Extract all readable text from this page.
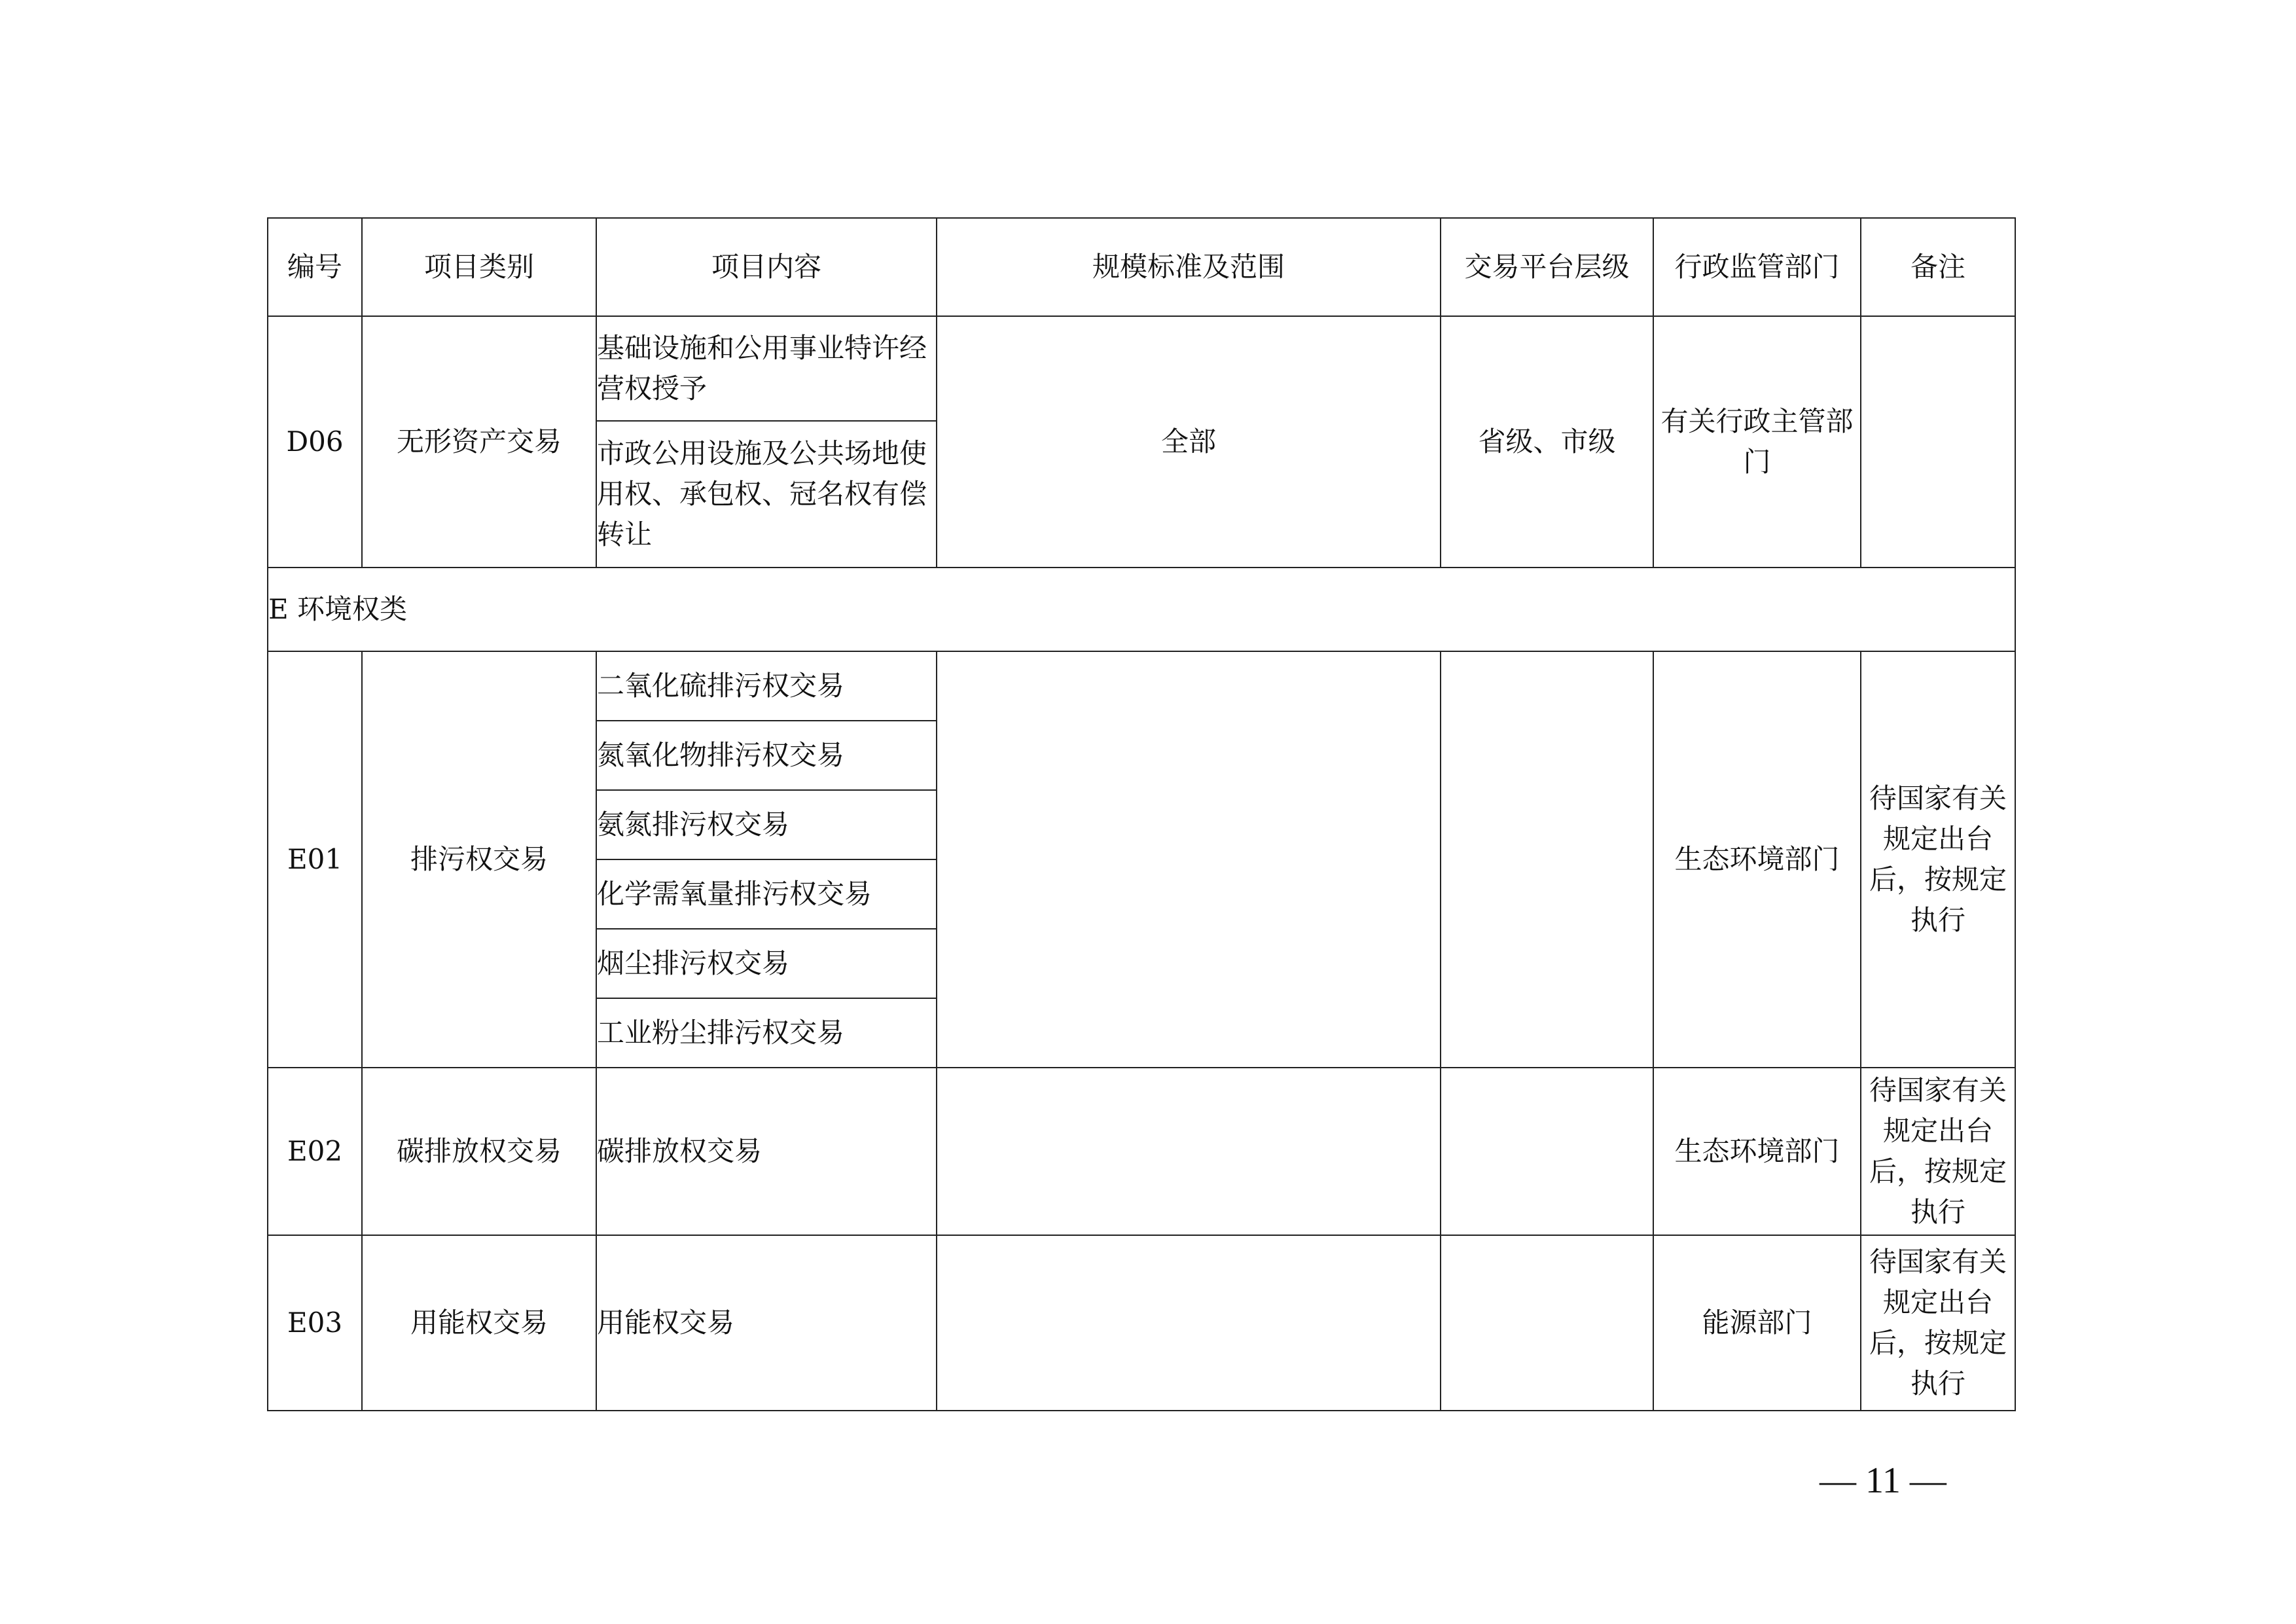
编号	项目类别	项目内容	规模标准及范围	交易平台层级	行政监管部门	备注
D06	无形资产交易	基础设施和公用事业特许经营权授予	全部	省级、市级	有关行政主管部门	
		市政公用设施及公共场地使用权、承包权、冠名权有偿转让				
E 环境权类						
E01	排污权交易	二氧化硫排污权交易			生态环境部门	待国家有关规定出台后，按规定执行
		氮氧化物排污权交易				
		氨氮排污权交易				
		化学需氧量排污权交易				
		烟尘排污权交易				
		工业粉尘排污权交易				
E02	碳排放权交易	碳排放权交易			生态环境部门	待国家有关规定出台后，按规定执行
E03	用能权交易	用能权交易			能源部门	待国家有关规定出台后，按规定执行
— 11 —
